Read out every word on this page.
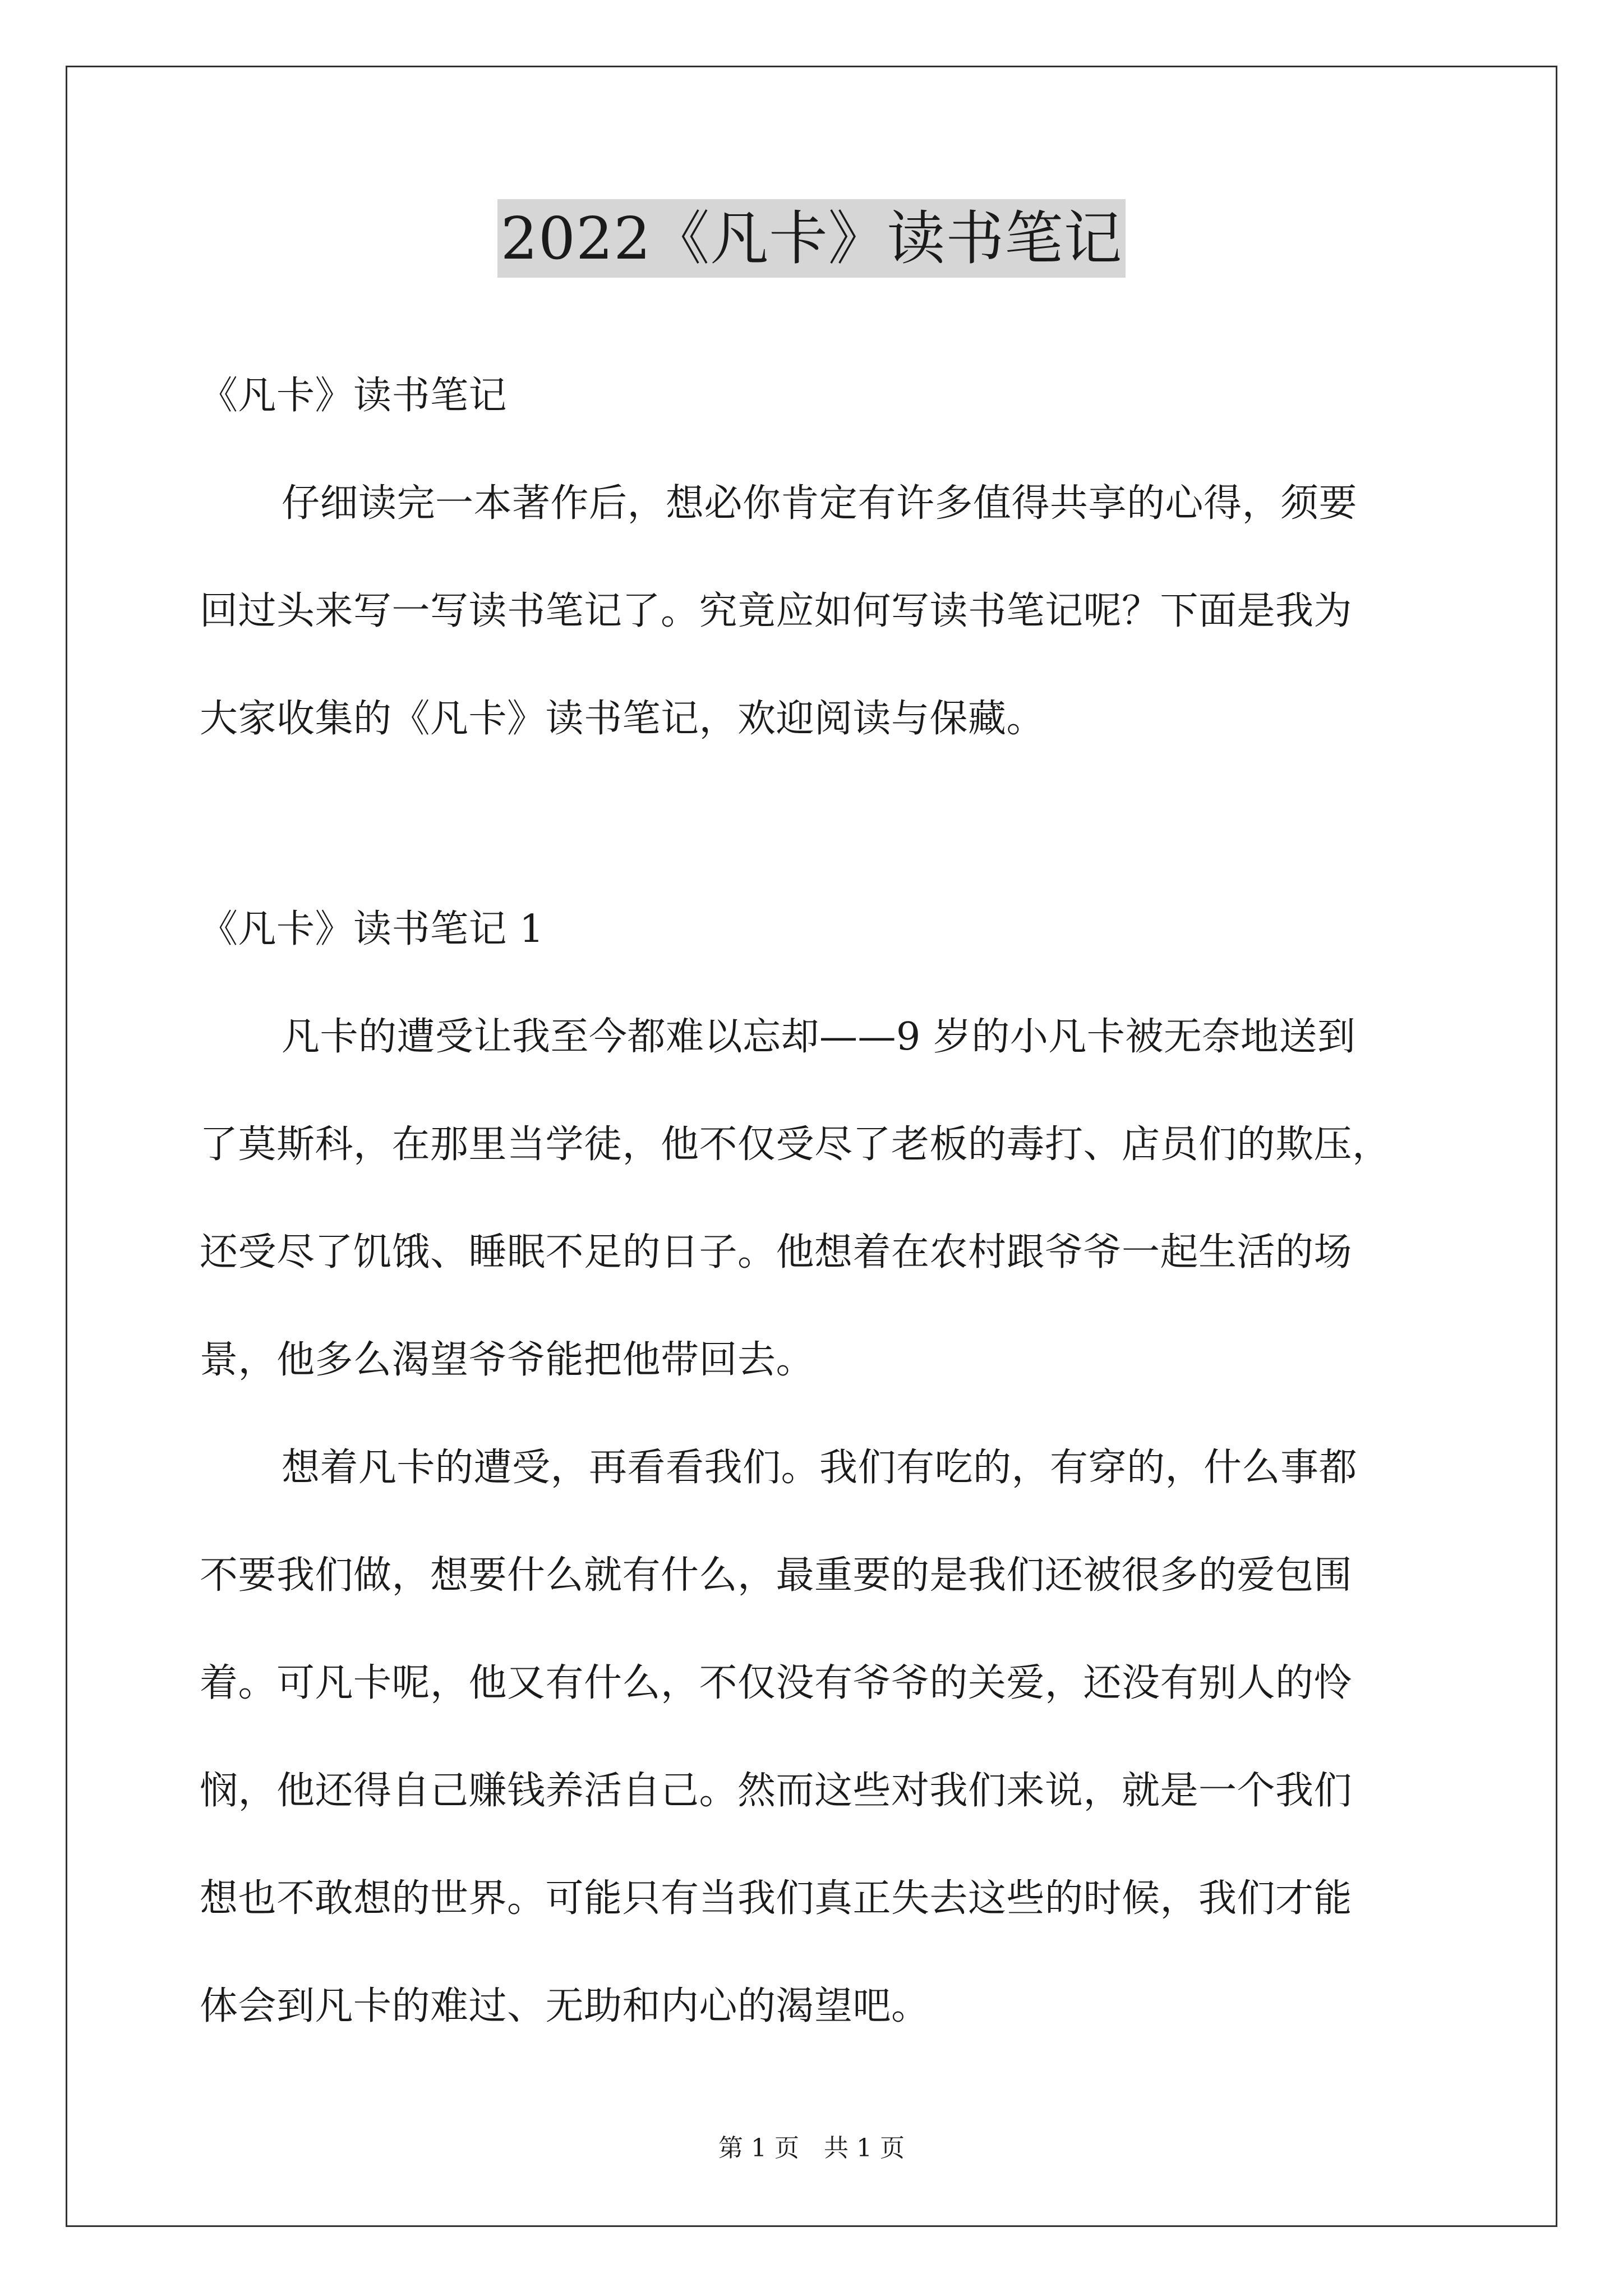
2022《凡卡》读书笔记
《凡卡》读书笔记
仔细读完一本著作后，想必你肯定有许多值得共享的心得，须要
回过头来写一写读书笔记了。究竟应如何写读书笔记呢？下面是我为
大家收集的《凡卡》读书笔记，欢迎阅读与保藏。
《凡卡》读书笔记 1
凡卡的遭受让我至今都难以忘却——9 岁的小凡卡被无奈地送到
了莫斯科，在那里当学徒，他不仅受尽了老板的毒打、店员们的欺压，
还受尽了饥饿、睡眠不足的日子。他想着在农村跟爷爷一起生活的场
景，他多么渴望爷爷能把他带回去。
想着凡卡的遭受，再看看我们。我们有吃的，有穿的，什么事都
不要我们做，想要什么就有什么，最重要的是我们还被很多的爱包围
着。可凡卡呢，他又有什么，不仅没有爷爷的关爱，还没有别人的怜
悯，他还得自己赚钱养活自己。然而这些对我们来说，就是一个我们
想也不敢想的世界。可能只有当我们真正失去这些的时候，我们才能
体会到凡卡的难过、无助和内心的渴望吧。
第 1 页　共 1 页
